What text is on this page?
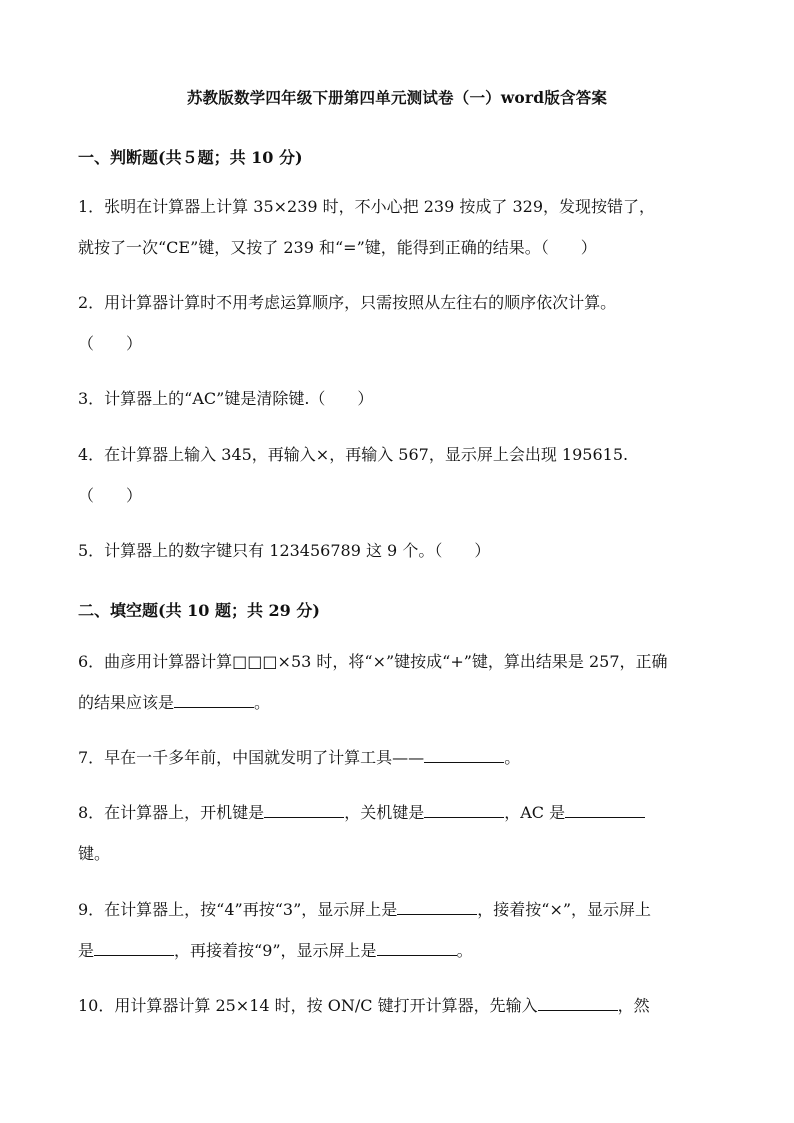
苏教版数学四年级下册第四单元测试卷（一）word版含答案
一、判断题(共５题；共 10 分)
1．张明在计算器上计算 35×239 时，不小心把 239 按成了 329，发现按错了，
就按了一次“CE”键，又按了 239 和“=”键，能得到正确的结果。（　　）
2．用计算器计算时不用考虑运算顺序，只需按照从左往右的顺序依次计算。
（　　）
3．计算器上的“AC”键是清除键.（　　）
4．在计算器上输入 345，再输入×，再输入 567，显示屏上会出现 195615.
（　　）
5．计算器上的数字键只有 123456789 这 9 个。（　　）
二、填空题(共 10 题；共 29 分)
6．曲彦用计算器计算□□□×53 时，将“×”键按成“+”键，算出结果是 257，正确
的结果应该是	。
7．早在一千多年前，中国就发明了计算工具——	。
8．在计算器上，开机键是	，关机键是	，AC 是
键。
9．在计算器上，按“4”再按“3”，显示屏上是	，接着按“×”，显示屏上
是	，再接着按“9”，显示屏上是	。
10．用计算器计算 25×14 时，按 ON/C 键打开计算器，先输入	，然
